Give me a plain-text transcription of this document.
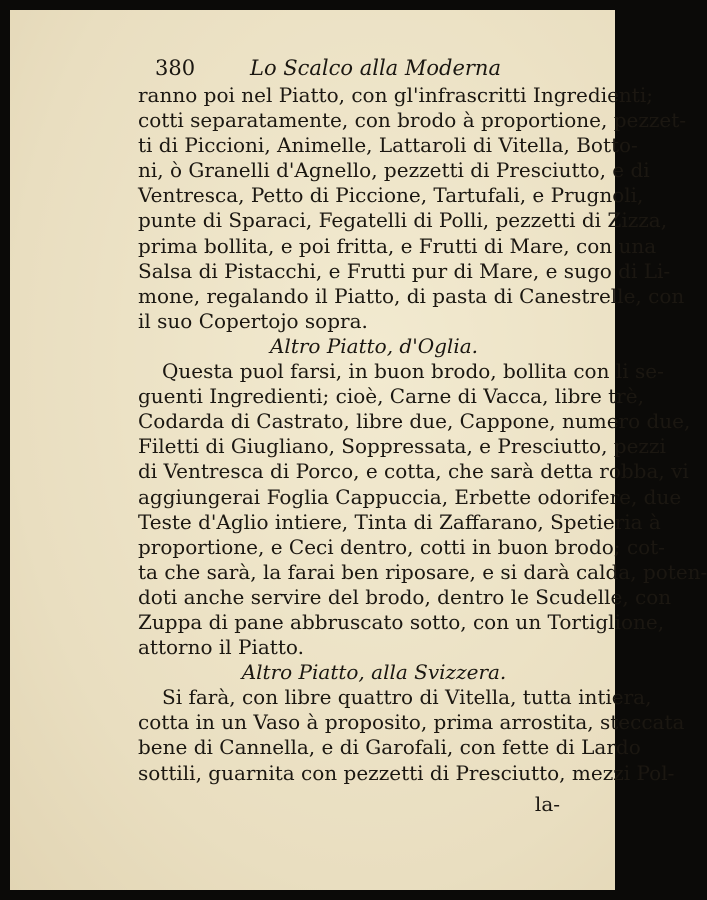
380	Lo Scalco alla Moderna
ranno poi nel Piatto, con gl'infrascritti Ingredienti;
cotti separatamente, con brodo à proportione, pezzet-
ti di Piccioni, Animelle, Lattaroli di Vitella, Botto-
ni, ò Granelli d'Agnello, pezzetti di Presciutto, e di
Ventresca, Petto di Piccione, Tartufali, e Prugnoli,
punte di Sparaci, Fegatelli di Polli, pezzetti di Zizza,
prima bollita, e poi fritta, e Frutti di Mare, con una
Salsa di Pistacchi, e Frutti pur di Mare, e sugo di Li-
mone, regalando il Piatto, di pasta di Canestrelle, con
il suo Copertojo sopra.
Altro Piatto, d'Oglia.
Questa puol farsi, in buon brodo, bollita con li se-
guenti Ingredienti; cioè, Carne di Vacca, libre trè,
Codarda di Castrato, libre due, Cappone, numero due,
Filetti di Giugliano, Soppressata, e Presciutto, pezzi
di Ventresca di Porco, e cotta, che sarà detta robba, vi
aggiungerai Foglia Cappuccia, Erbette odorifere, due
Teste d'Aglio intiere, Tinta di Zaffarano, Spetieria à
proportione, e Ceci dentro, cotti in buon brodo; cot-
ta che sarà, la farai ben riposare, e si darà calda, poten-
doti anche servire del brodo, dentro le Scudelle, con
Zuppa di pane abbruscato sotto, con un Tortiglione,
attorno il Piatto.
Altro Piatto, alla Svizzera.
Si farà, con libre quattro di Vitella, tutta intiera,
cotta in un Vaso à proposito, prima arrostita, steccata
bene di Cannella, e di Garofali, con fette di Lardo
sottili, guarnita con pezzetti di Presciutto, mezzi Pol-
la-
